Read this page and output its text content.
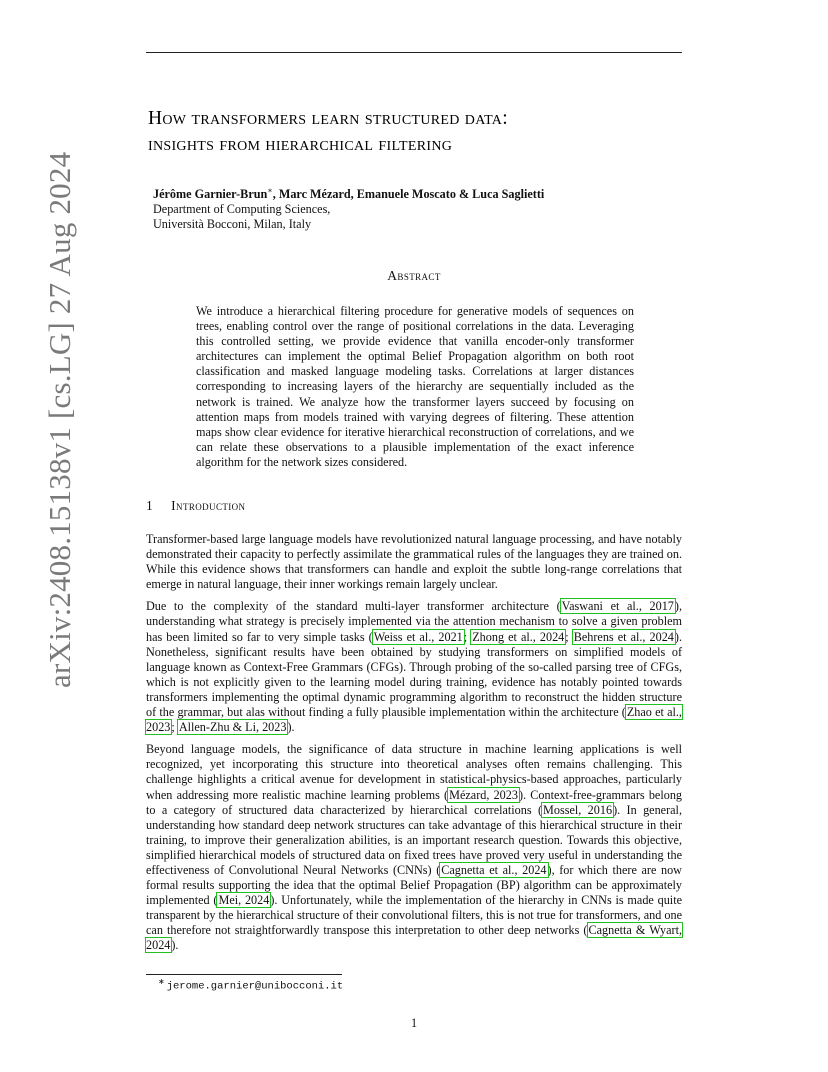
arXiv:2408.15138v1 [cs.LG] 27 Aug 2024
How transformers learn structured data:
insights from hierarchical filtering
Jérôme Garnier-Brun∗, Marc Mézard, Emanuele Moscato & Luca Saglietti
Department of Computing Sciences,
Università Bocconi, Milan, Italy
Abstract
We introduce a hierarchical filtering procedure for generative models of sequences on trees, enabling control over the range of positional correlations in the data. Leveraging this controlled setting, we provide evidence that vanilla encoder-only transformer architectures can implement the optimal Belief Propagation algorithm on both root classification and masked language modeling tasks. Correlations at larger distances corresponding to increasing layers of the hierarchy are sequentially included as the network is trained. We analyze how the transformer layers succeed by focusing on attention maps from models trained with varying degrees of filtering. These attention maps show clear evidence for iterative hierarchical reconstruction of correlations, and we can relate these observations to a plausible implementation of the exact inference algorithm for the network sizes considered.
1 Introduction

Transformer-based large language models have revolutionized natural language processing, and have notably demonstrated their capacity to perfectly assimilate the grammatical rules of the languages they are trained on. While this evidence shows that transformers can handle and exploit the subtle long-range correlations that emerge in natural language, their inner workings remain largely unclear.

Due to the complexity of the standard multi-layer transformer architecture (Vaswani et al., 2017), understanding what strategy is precisely implemented via the attention mechanism to solve a given problem has been limited so far to very simple tasks (Weiss et al., 2021; Zhong et al., 2024; Behrens et al., 2024). Nonetheless, significant results have been obtained by studying transformers on simplified models of language known as Context-Free Grammars (CFGs). Through probing of the so-called parsing tree of CFGs, which is not explicitly given to the learning model during training, evidence has notably pointed towards transformers implementing the optimal dynamic programming algorithm to reconstruct the hidden structure of the grammar, but alas without finding a fully plausible implementation within the architecture (Zhao et al., 2023; Allen-Zhu & Li, 2023).

Beyond language models, the significance of data structure in machine learning applications is well recognized, yet incorporating this structure into theoretical analyses often remains challenging. This challenge highlights a critical avenue for development in statistical-physics-based approaches, particularly when addressing more realistic machine learning problems (Mézard, 2023). Context-free-grammars belong to a category of structured data characterized by hierarchical correlations (Mossel, 2016). In general, understanding how standard deep network structures can take advantage of this hierarchical structure in their training, to improve their generalization abilities, is an important research question. Towards this objective, simplified hierarchical models of structured data on fixed trees have proved very useful in understanding the effectiveness of Convolutional Neural Networks (CNNs) (Cagnetta et al., 2024), for which there are now formal results supporting the idea that the optimal Belief Propagation (BP) algorithm can be approximately implemented (Mei, 2024). Unfortunately, while the implementation of the hierarchy in CNNs is made quite transparent by the hierarchical structure of their convolutional filters, this is not true for transformers, and one can therefore not straightforwardly transpose this interpretation to other deep networks (Cagnetta & Wyart, 2024).

∗ jerome.garnier@unibocconi.it
1
